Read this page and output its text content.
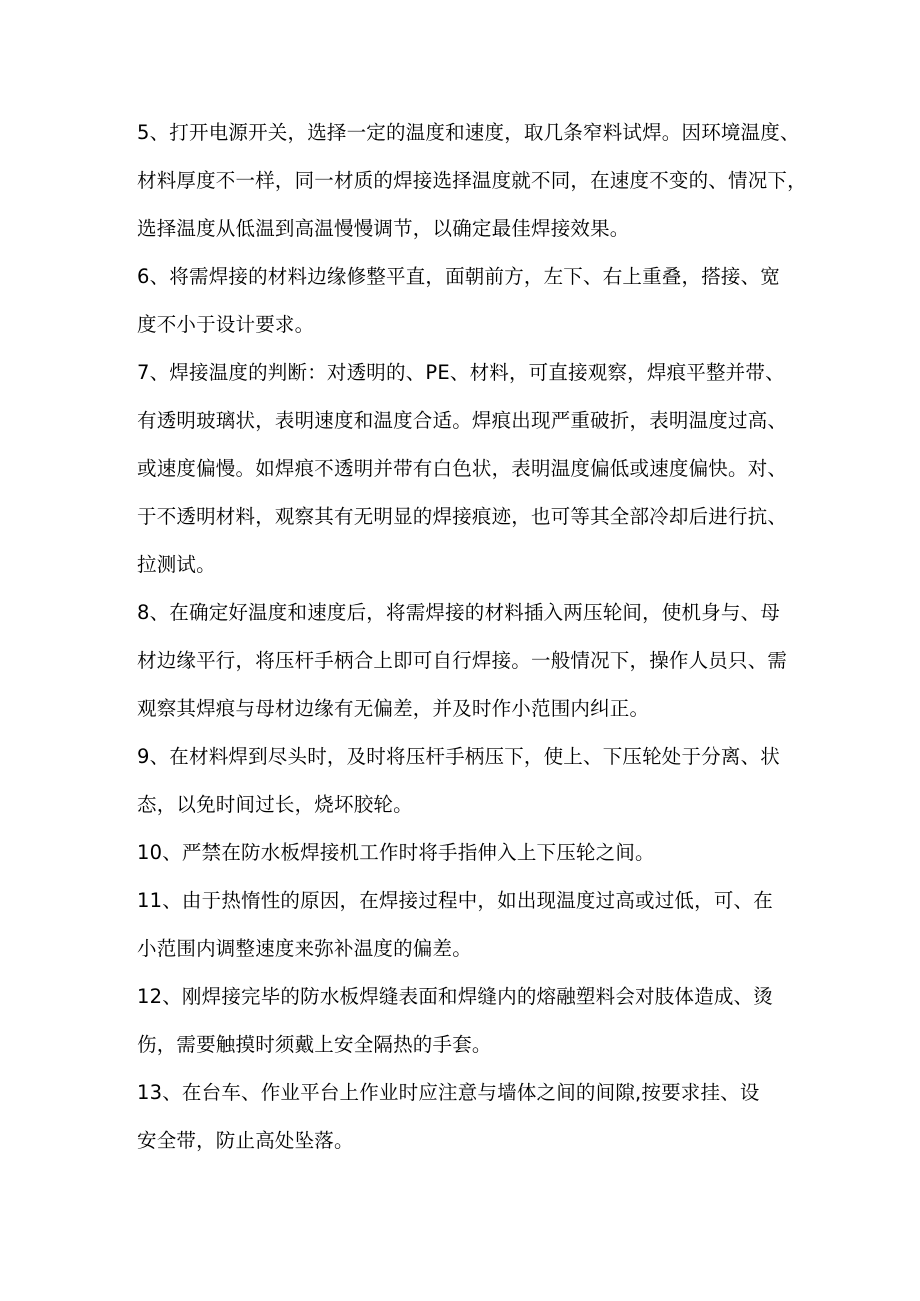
5、打开电源开关，选择一定的温度和速度，取几条窄料试焊。因环境温度、
材料厚度不一样，同一材质的焊接选择温度就不同，在速度不变的、情况下，
选择温度从低温到高温慢慢调节，以确定最佳焊接效果。
6、将需焊接的材料边缘修整平直，面朝前方，左下、右上重叠，搭接、宽
度不小于设计要求。
7、焊接温度的判断：对透明的、PE、材料，可直接观察，焊痕平整并带、
有透明玻璃状，表明速度和温度合适。焊痕出现严重破折，表明温度过高、
或速度偏慢。如焊痕不透明并带有白色状，表明温度偏低或速度偏快。对、
于不透明材料，观察其有无明显的焊接痕迹，也可等其全部冷却后进行抗、
拉测试。
8、在确定好温度和速度后，将需焊接的材料插入两压轮间，使机身与、母
材边缘平行，将压杆手柄合上即可自行焊接。一般情况下，操作人员只、需
观察其焊痕与母材边缘有无偏差，并及时作小范围内纠正。
9、在材料焊到尽头时，及时将压杆手柄压下，使上、下压轮处于分离、状
态，以免时间过长，烧坏胶轮。
10、严禁在防水板焊接机工作时将手指伸入上下压轮之间。
11、由于热惰性的原因，在焊接过程中，如出现温度过高或过低，可、在
小范围内调整速度来弥补温度的偏差。
12、刚焊接完毕的防水板焊缝表面和焊缝内的熔融塑料会对肢体造成、烫
伤，需要触摸时须戴上安全隔热的手套。
13、在台车、作业平台上作业时应注意与墙体之间的间隙,按要求挂、设
安全带，防止高处坠落。
